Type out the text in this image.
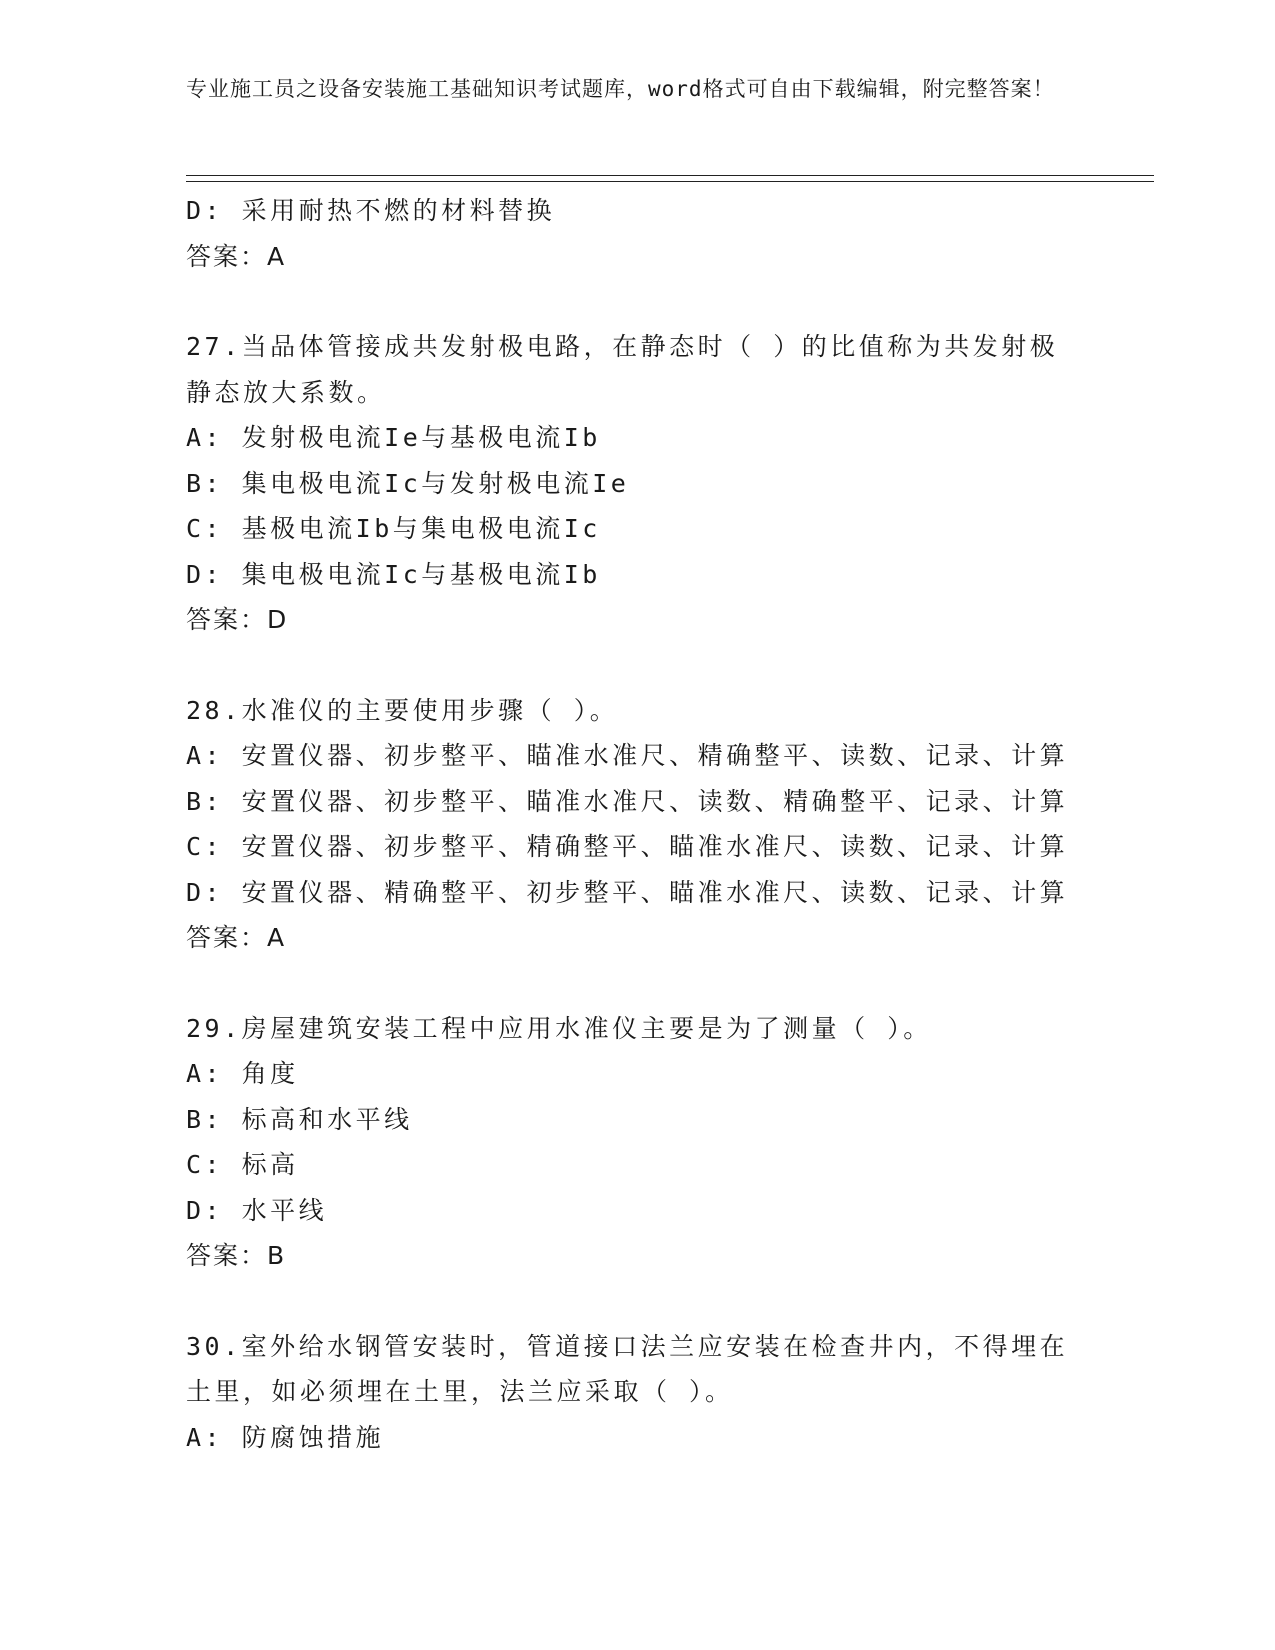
专业施工员之设备安装施工基础知识考试题库，word格式可自由下载编辑，附完整答案！
D: 采用耐热不燃的材料替换
答案：A
27.当品体管接成共发射极电路，在静态时（ ）的比值称为共发射极静态放大系数。
A: 发射极电流Ie与基极电流Ib
B: 集电极电流Ic与发射极电流Ie
C: 基极电流Ib与集电极电流Ic
D: 集电极电流Ic与基极电流Ib
答案：D
28.水准仪的主要使用步骤（ ）。
A: 安置仪器、初步整平、瞄准水准尺、精确整平、读数、记录、计算
B: 安置仪器、初步整平、瞄准水准尺、读数、精确整平、记录、计算
C: 安置仪器、初步整平、精确整平、瞄准水准尺、读数、记录、计算
D: 安置仪器、精确整平、初步整平、瞄准水准尺、读数、记录、计算
答案：A
29.房屋建筑安装工程中应用水准仪主要是为了测量（ ）。
A: 角度
B: 标高和水平线
C: 标高
D: 水平线
答案：B
30.室外给水钢管安装时，管道接口法兰应安装在检查井内，不得埋在土里，如必须埋在土里，法兰应采取（ ）。
A: 防腐蚀措施
